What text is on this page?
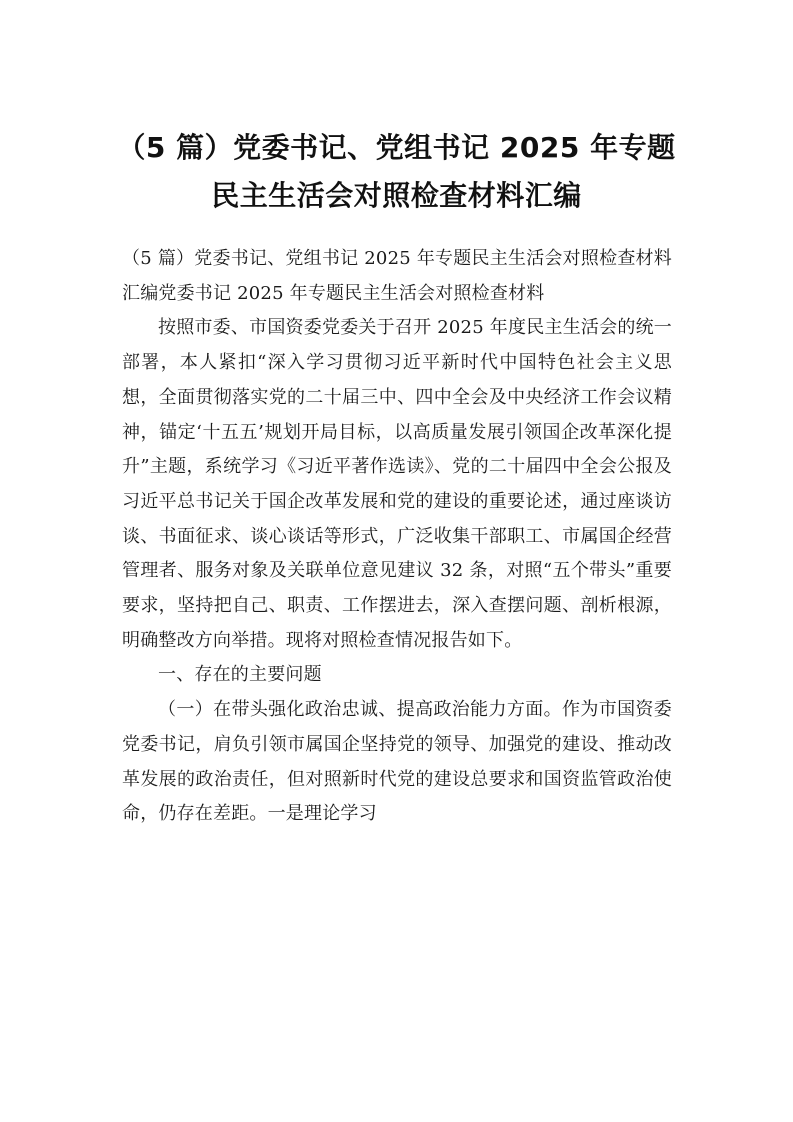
（5 篇）党委书记、党组书记 2025 年专题民主生活会对照检查材料汇编

（5 篇）党委书记、党组书记 2025 年专题民主生活会对照检查材料汇编党委书记 2025 年专题民主生活会对照检查材料

按照市委、市国资委党委关于召开 2025 年度民主生活会的统一部署，本人紧扣“深入学习贯彻习近平新时代中国特色社会主义思想，全面贯彻落实党的二十届三中、四中全会及中央经济工作会议精神，锚定‘十五五’规划开局目标，以高质量发展引领国企改革深化提升”主题，系统学习《习近平著作选读》、党的二十届四中全会公报及习近平总书记关于国企改革发展和党的建设的重要论述，通过座谈访谈、书面征求、谈心谈话等形式，广泛收集干部职工、市属国企经营管理者、服务对象及关联单位意见建议 32 条，对照“五个带头”重要要求，坚持把自己、职责、工作摆进去，深入查摆问题、剖析根源，明确整改方向举措。现将对照检查情况报告如下。

一、存在的主要问题

（一）在带头强化政治忠诚、提高政治能力方面。作为市国资委党委书记，肩负引领市属国企坚持党的领导、加强党的建设、推动改革发展的政治责任，但对照新时代党的建设总要求和国资监管政治使命，仍存在差距。一是理论学习
